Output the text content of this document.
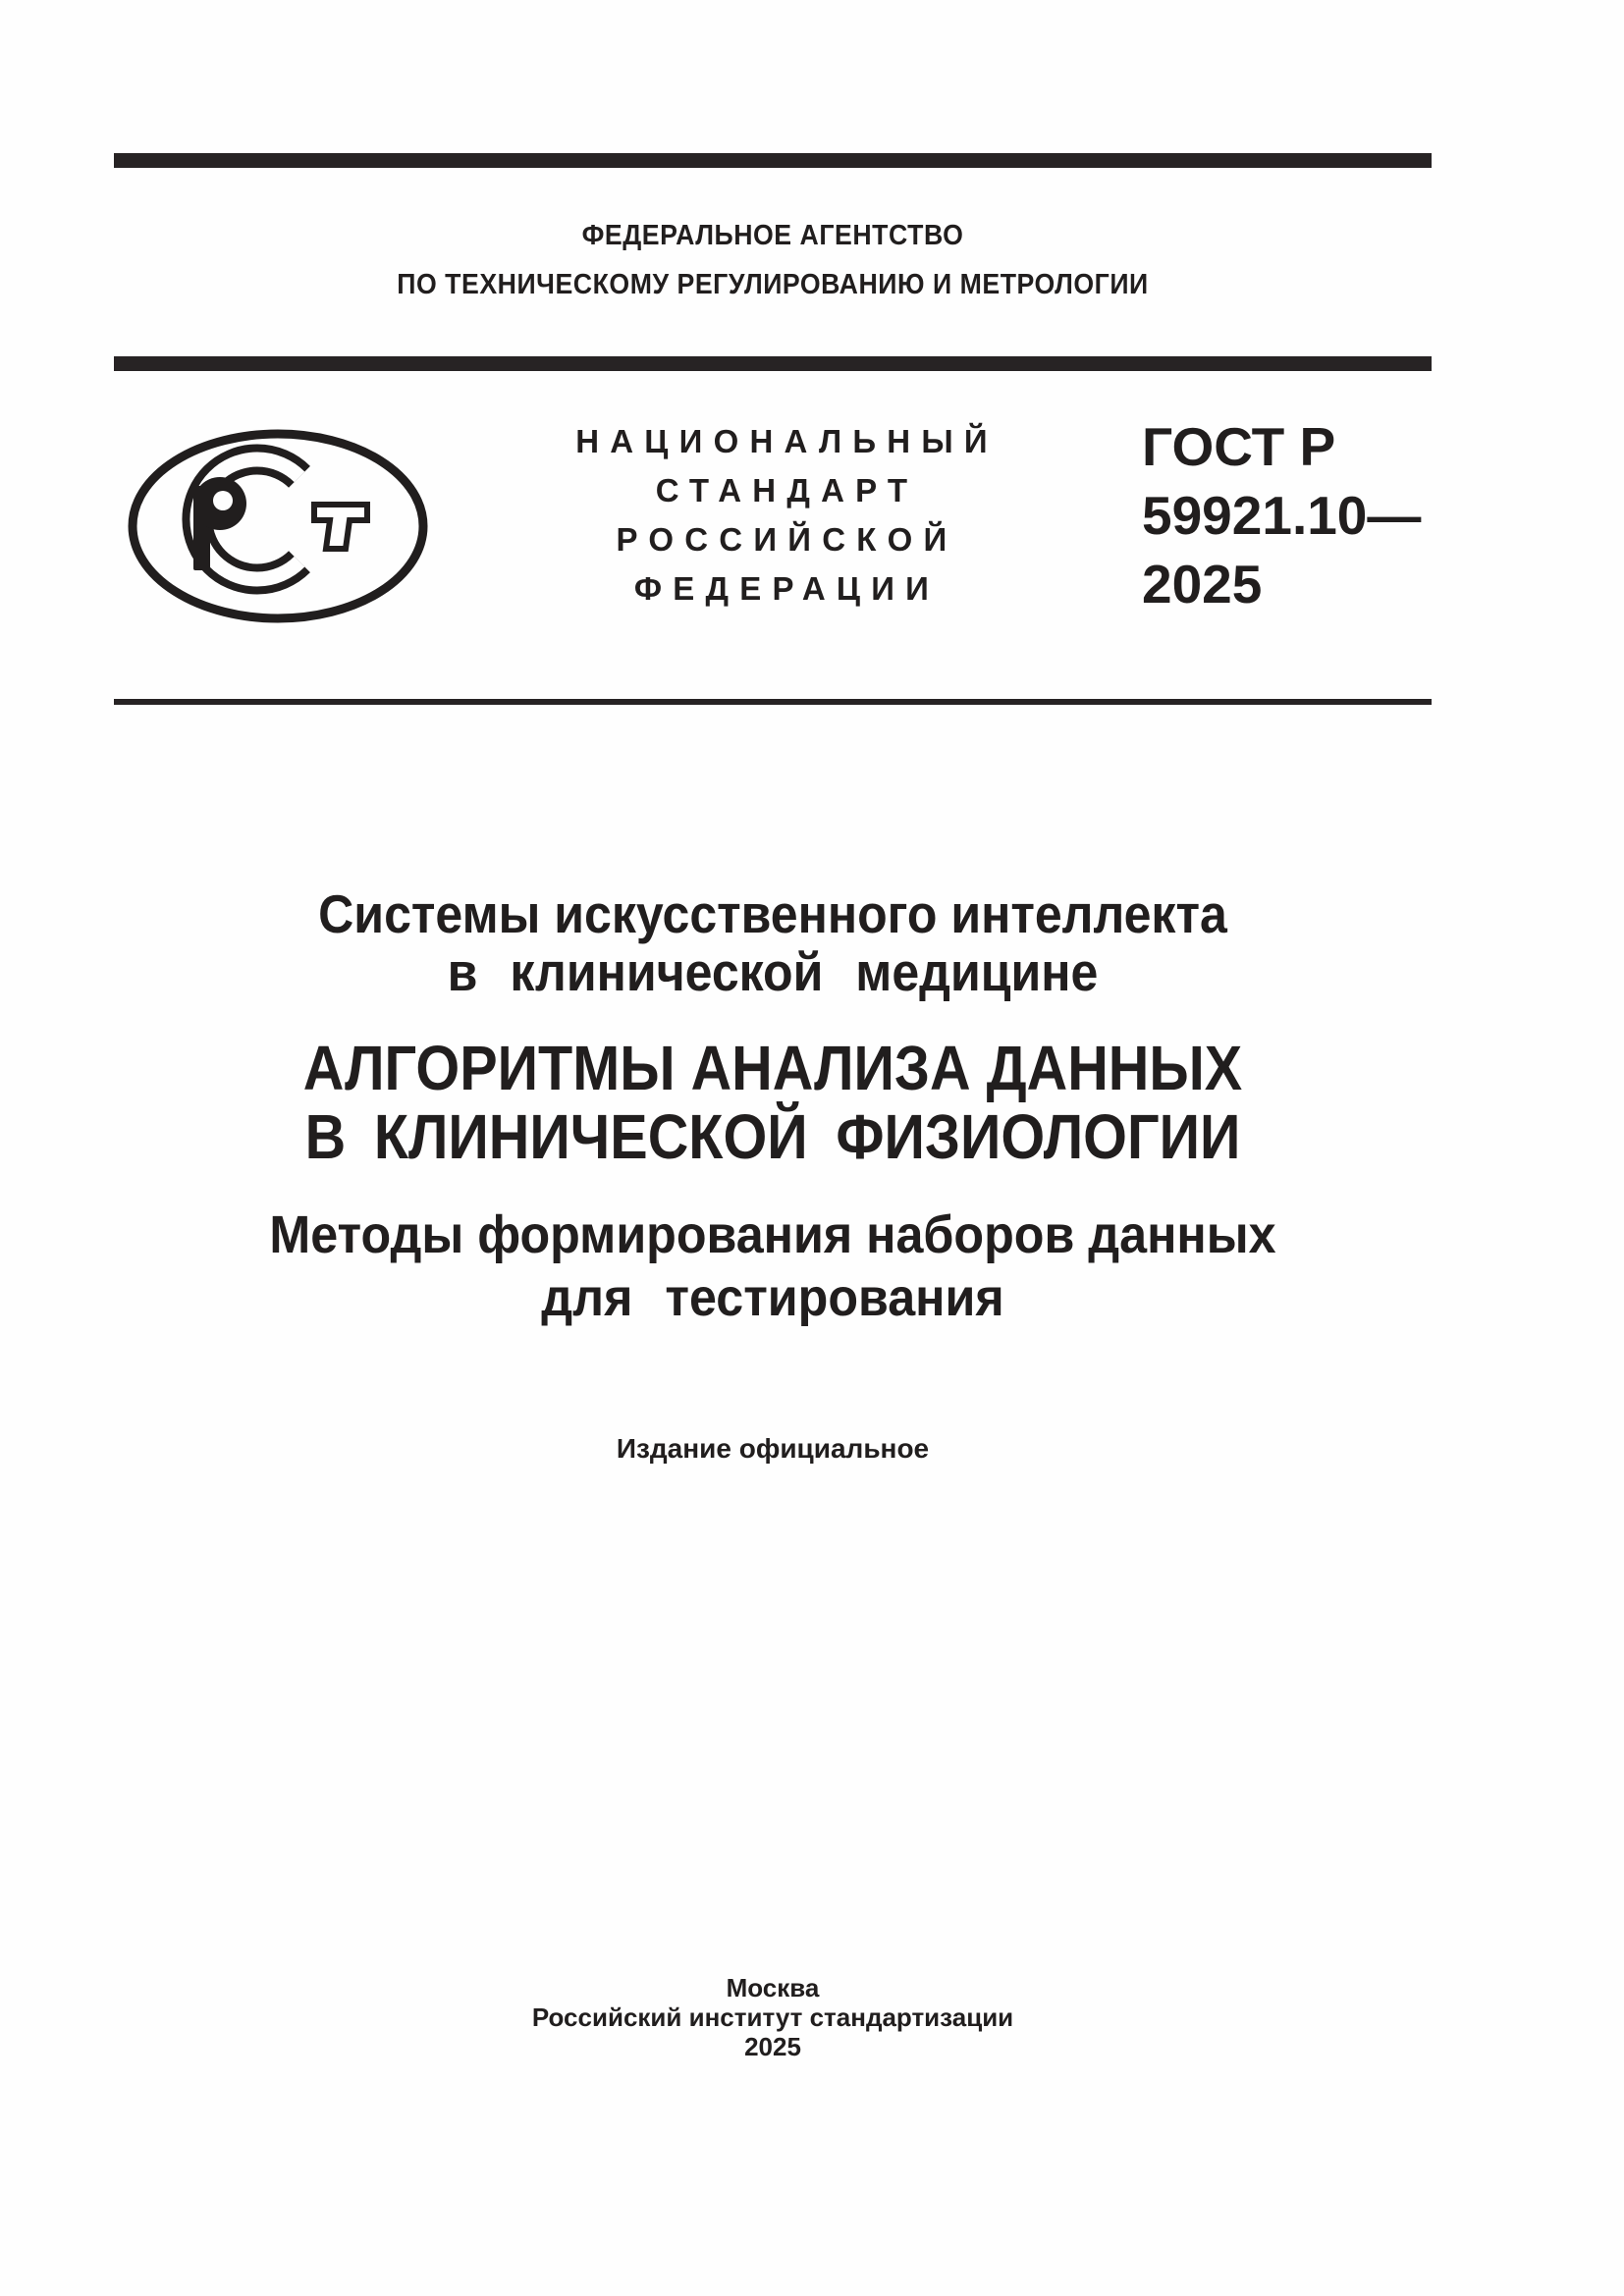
ФЕДЕРАЛЬНОЕ АГЕНТСТВО
ПО ТЕХНИЧЕСКОМУ РЕГУЛИРОВАНИЮ И МЕТРОЛОГИИ
НАЦИОНАЛЬНЫЙ
СТАНДАРТ
РОССИЙСКОЙ
ФЕДЕРАЦИИ
ГОСТ Р
59921.10—
2025
Системы искусственного интеллекта
в клинической медицине
АЛГОРИТМЫ АНАЛИЗА ДАННЫХ
В КЛИНИЧЕСКОЙ ФИЗИОЛОГИИ
Методы формирования наборов данных
для тестирования
Издание официальное
Москва
Российский институт стандартизации
2025
